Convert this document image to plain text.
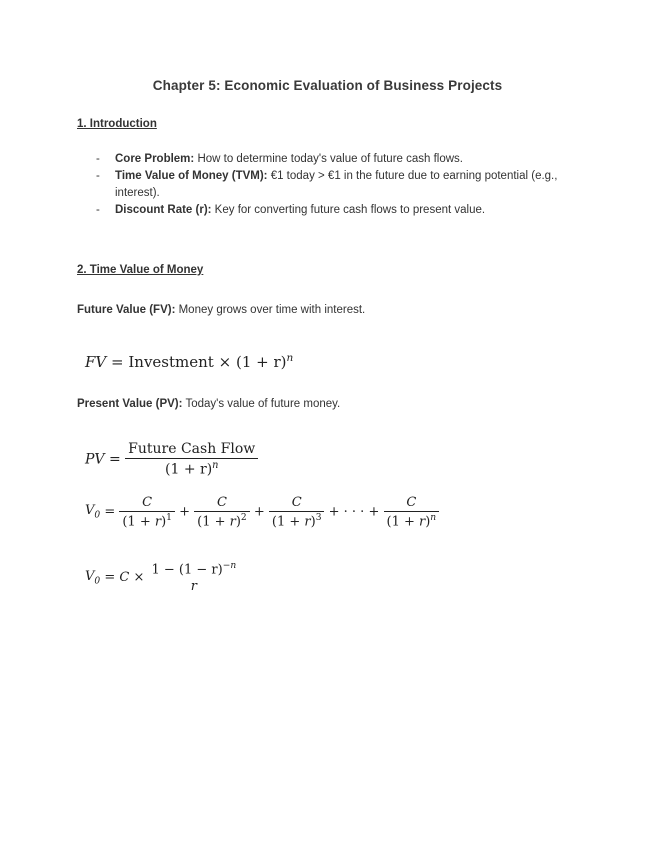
Chapter 5: Economic Evaluation of Business Projects
1. Introduction
- Core Problem: How to determine today's value of future cash flows.
- Time Value of Money (TVM): €1 today > €1 in the future due to earning potential (e.g., interest).
- Discount Rate (r): Key for converting future cash flows to present value.
2. Time Value of Money
Future Value (FV): Money grows over time with interest.
FV = Investment × $(1 + r)^n$
Present Value (PV): Today's value of future money.
PV = $\frac{\text{Future Cash Flow}}{(1 + r)^n}$
$V_0 = \frac{C}{(1 + r)^1} + \frac{C}{(1 + r)^2} + \frac{C}{(1 + r)^3}$ + · · · + $\frac{C}{(1 + r)^n}$
$V_0 = C$ ×
$1 - (1 - r)^{-n}$
r
